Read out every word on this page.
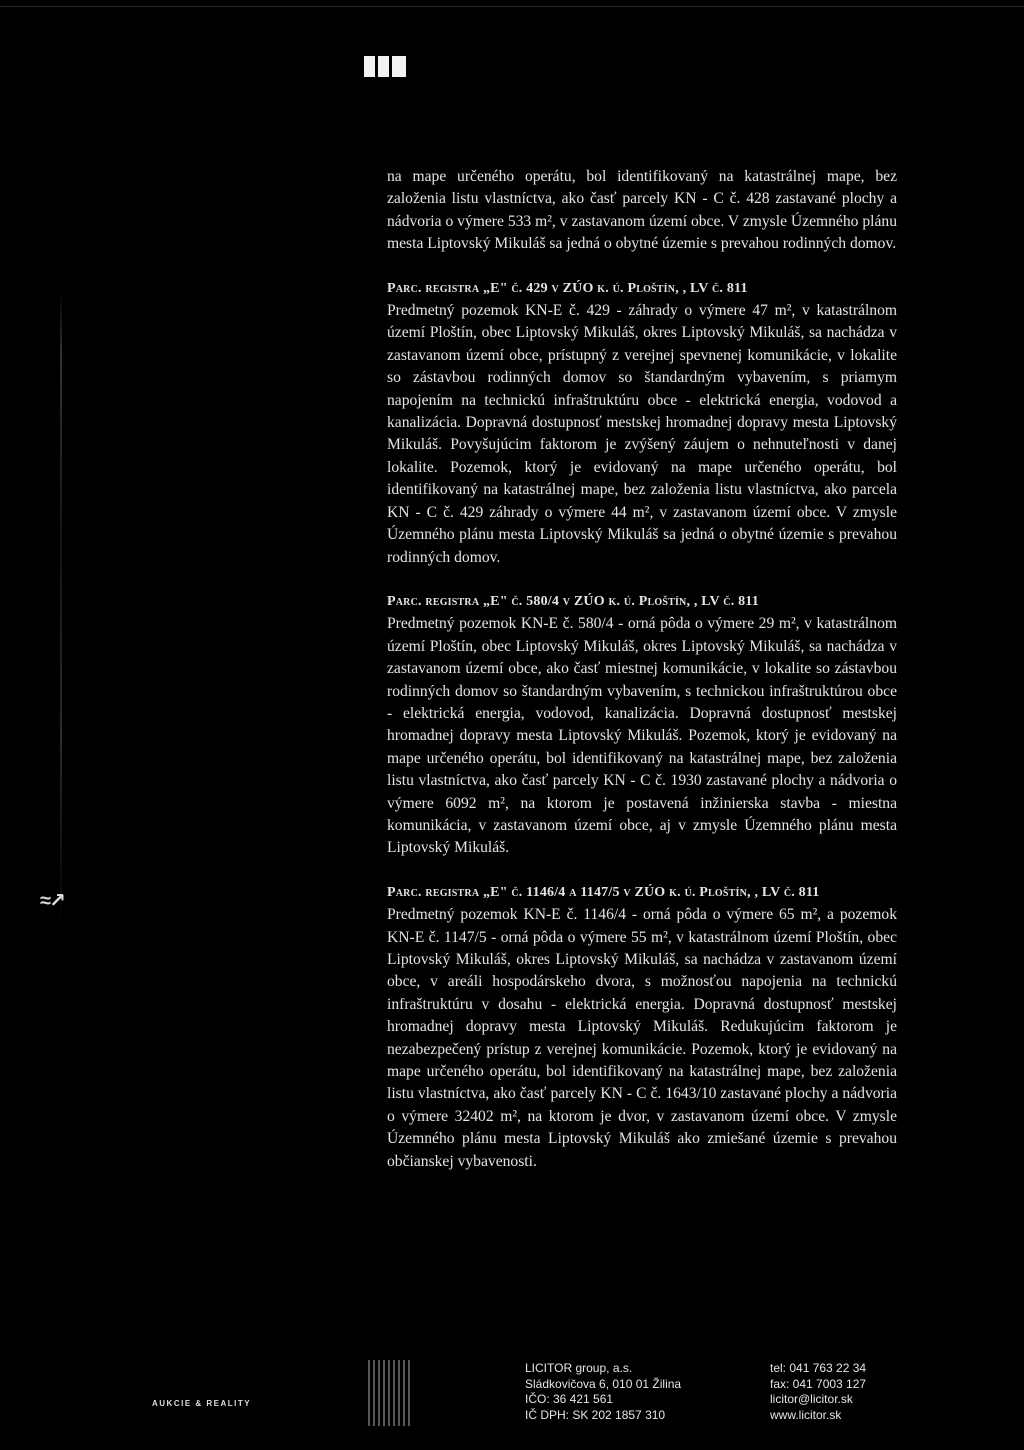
≈↗

na mape určeného operátu, bol identifikovaný na katastrálnej mape, bez založenia listu vlastníctva, ako časť parcely KN - C č. 428 zastavané plochy a nádvoria o výmere 533 m², v zastavanom území obce. V zmysle Územného plánu mesta Liptovský Mikuláš sa jedná o obytné územie s prevahou rodinných domov.

Parc. registra „E" č. 429 v ZÚO k. ú. Ploštín, , LV č. 811

Predmetný pozemok KN-E č. 429 - záhrady o výmere 47 m², v katastrálnom území Ploštín, obec Liptovský Mikuláš, okres Liptovský Mikuláš, sa nachádza v zastavanom území obce, prístupný z verejnej spevnenej komunikácie, v lokalite so zástavbou rodinných domov so štandardným vybavením, s priamym napojením na technickú infraštruktúru obce - elektrická energia, vodovod a kanalizácia. Dopravná dostupnosť mestskej hromadnej dopravy mesta Liptovský Mikuláš. Povyšujúcim faktorom je zvýšený záujem o nehnuteľnosti v danej lokalite. Pozemok, ktorý je evidovaný na mape určeného operátu, bol identifikovaný na katastrálnej mape, bez založenia listu vlastníctva, ako parcela KN - C č. 429 záhrady o výmere 44 m², v zastavanom území obce. V zmysle Územného plánu mesta Liptovský Mikuláš sa jedná o obytné územie s prevahou rodinných domov.

Parc. registra „E" č. 580/4 v ZÚO k. ú. Ploštín, , LV č. 811

Predmetný pozemok KN-E č. 580/4 - orná pôda o výmere 29 m², v katastrálnom území Ploštín, obec Liptovský Mikuláš, okres Liptovský Mikuláš, sa nachádza v zastavanom území obce, ako časť miestnej komunikácie, v lokalite so zástavbou rodinných domov so štandardným vybavením, s technickou infraštruktúrou obce - elektrická energia, vodovod, kanalizácia. Dopravná dostupnosť mestskej hromadnej dopravy mesta Liptovský Mikuláš. Pozemok, ktorý je evidovaný na mape určeného operátu, bol identifikovaný na katastrálnej mape, bez založenia listu vlastníctva, ako časť parcely KN - C č. 1930 zastavané plochy a nádvoria o výmere 6092 m², na ktorom je postavená inžinierska stavba - miestna komunikácia, v zastavanom území obce, aj v zmysle Územného plánu mesta Liptovský Mikuláš.

Parc. registra „E" č. 1146/4 a 1147/5 v ZÚO k. ú. Ploštín, , LV č. 811

Predmetný pozemok KN-E č. 1146/4 - orná pôda o výmere 65 m², a pozemok KN-E č. 1147/5 - orná pôda o výmere 55 m², v katastrálnom území Ploštín, obec Liptovský Mikuláš, okres Liptovský Mikuláš, sa nachádza v zastavanom území obce, v areáli hospodárskeho dvora, s možnosťou napojenia na technickú infraštruktúru v dosahu - elektrická energia. Dopravná dostupnosť mestskej hromadnej dopravy mesta Liptovský Mikuláš. Redukujúcim faktorom je nezabezpečený prístup z verejnej komunikácie. Pozemok, ktorý je evidovaný na mape určeného operátu, bol identifikovaný na katastrálnej mape, bez založenia listu vlastníctva, ako časť parcely KN - C č. 1643/10 zastavané plochy a nádvoria o výmere 32402 m², na ktorom je dvor, v zastavanom území obce. V zmysle Územného plánu mesta Liptovský Mikuláš ako zmiešané územie s prevahou občianskej vybavenosti.

AUKCIE & REALITY
LICITOR group, a.s.
Sládkovičova 6, 010 01 Žilina
IČO: 36 421 561
IČ DPH: SK 202 1857 310
tel: 041 763 22 34
fax: 041 7003 127
licitor@licitor.sk
www.licitor.sk
